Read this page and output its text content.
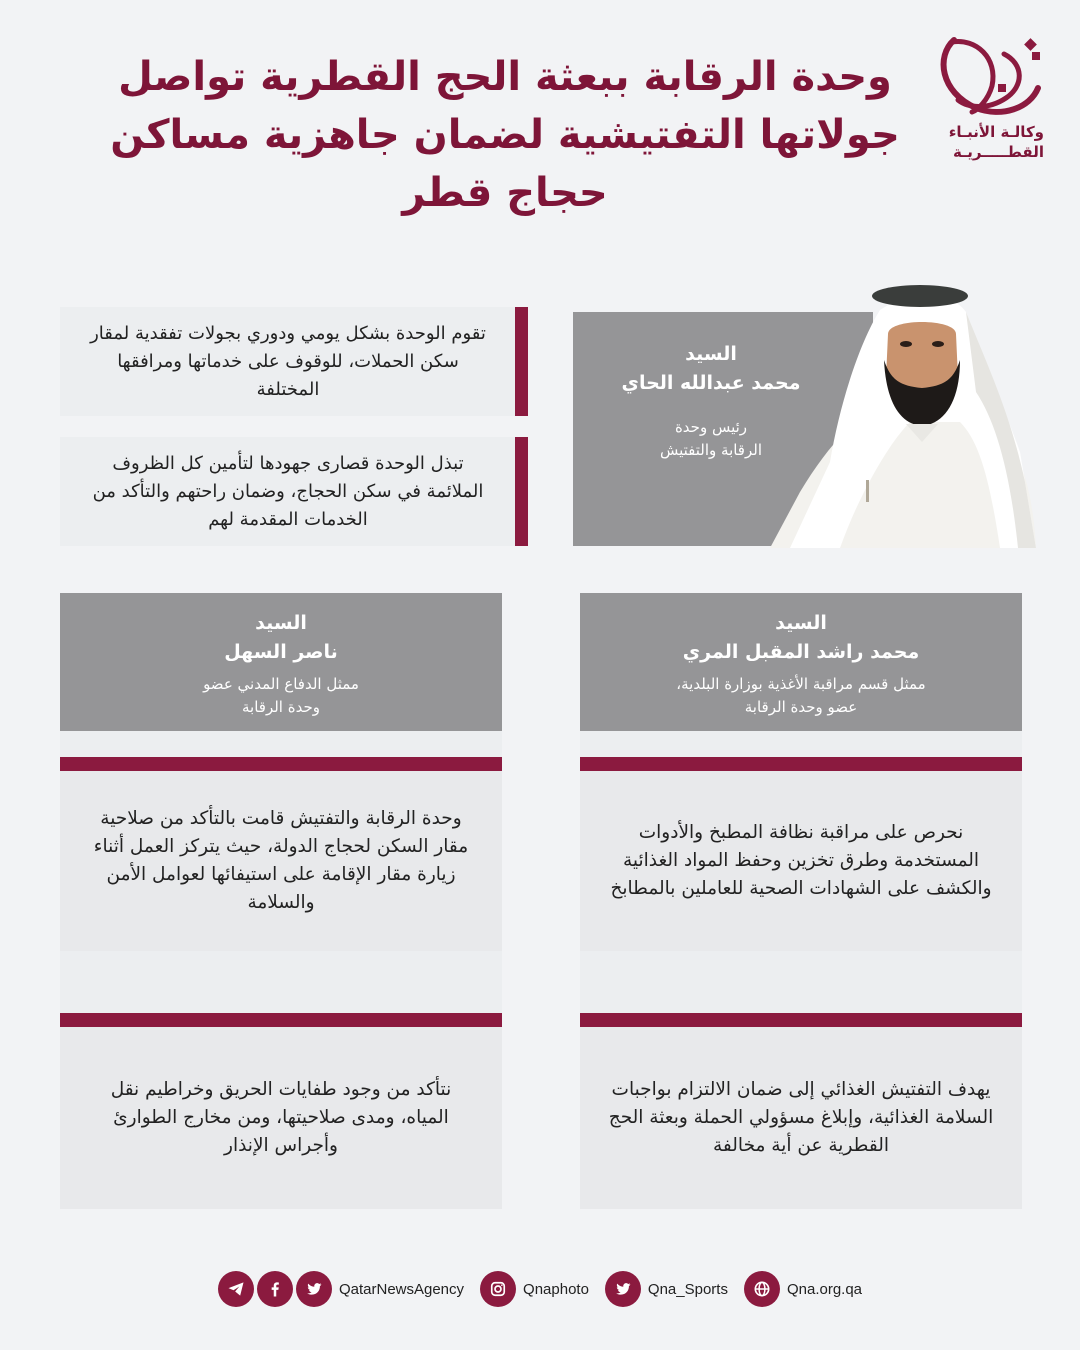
وحدة الرقابة ببعثة الحج القطرية تواصل
جولاتها التفتيشية لضمان جاهزية مساكن
حجاج قطر
وكالـة الأنبـاء
القطـــــريـة
تقوم الوحدة بشكل يومي ودوري بجولات تفقدية لمقار سكن الحملات، للوقوف على خدماتها ومرافقها المختلفة
تبذل الوحدة قصارى جهودها لتأمين كل الظروف الملائمة في سكن الحجاج، وضمان راحتهم والتأكد من الخدمات المقدمة لهم
السيد
محمد عبدالله الحاي
رئيس وحدة
الرقابة والتفتيش
السيد
محمد راشد المقبل المري
ممثل قسم مراقبة الأغذية بوزارة البلدية،
عضو وحدة الرقابة
نحرص على مراقبة نظافة المطبخ والأدوات المستخدمة وطرق تخزين وحفظ المواد الغذائية والكشف على الشهادات الصحية للعاملين بالمطابخ
يهدف التفتيش الغذائي إلى ضمان الالتزام بواجبات السلامة الغذائية، وإبلاغ مسؤولي الحملة وبعثة الحج القطرية عن أية مخالفة
السيد
ناصر السهل
ممثل الدفاع المدني عضو
وحدة الرقابة
وحدة الرقابة والتفتيش قامت بالتأكد من صلاحية مقار السكن لحجاج الدولة، حيث يتركز العمل أثناء زيارة مقار الإقامة على استيفائها لعوامل الأمن والسلامة
نتأكد من وجود طفايات الحريق وخراطيم نقل المياه، ومدى صلاحيتها، ومن مخارج الطوارئ وأجراس الإنذار
QatarNewsAgency	Qnaphoto	Qna_Sports	Qna.org.qa
